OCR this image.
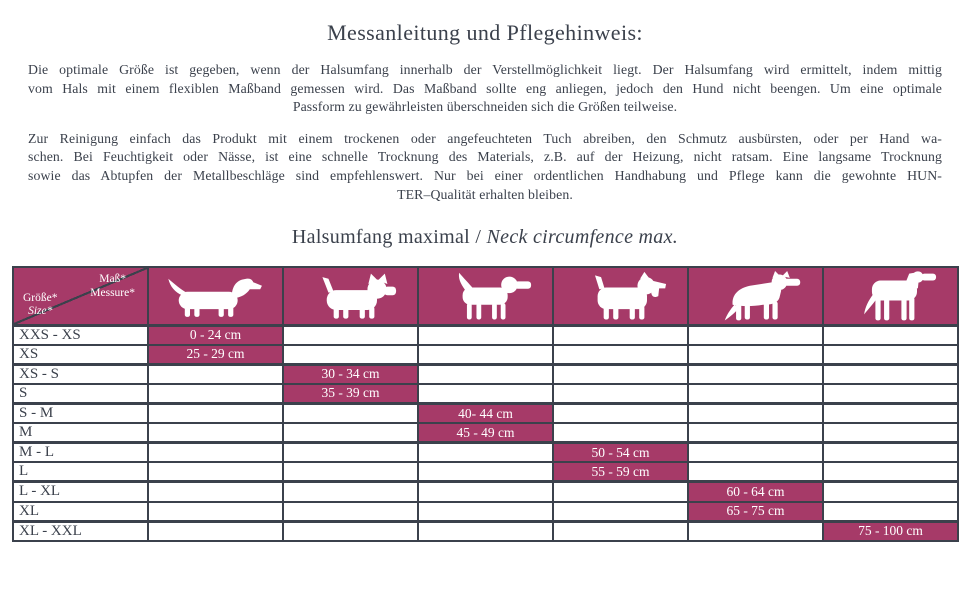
Messanleitung und Pflegehinweis:
Die optimale Größe ist gegeben, wenn der Halsumfang innerhalb der Verstellmöglichkeit liegt. Der Halsumfang wird ermittelt, indem mittig
vom Hals mit einem flexiblen Maßband gemessen wird. Das Maßband sollte eng anliegen, jedoch den Hund nicht beengen. Um eine optimale
Passform zu gewährleisten überschneiden sich die Größen teilweise.
Zur Reinigung einfach das Produkt mit einem trockenen oder angefeuchteten Tuch abreiben, den Schmutz ausbürsten, oder per Hand wa-
schen. Bei Feuchtigkeit oder Nässe, ist eine schnelle Trocknung des Materials, z.B. auf der Heizung, nicht ratsam. Eine langsame Trocknung
sowie das Abtupfen der Metallbeschläge sind empfehlenswert. Nur bei einer ordentlichen Handhabung und Pflege kann die gewohnte HUN-
TER–Qualität erhalten bleiben.
Halsumfang maximal / Neck circumfence max.
Maß*
Messure*
Größe*
Size*

XXS - XS	0 - 24 cm					
XS	25 - 29 cm					
XS - S		30 - 34 cm				
S		35 - 39 cm				
S - M			40- 44 cm			
M			45 - 49 cm			
M - L				50 - 54 cm		
L				55 - 59 cm		
L - XL					60 - 64 cm	
XL					65 - 75 cm	
XL - XXL						75 - 100 cm
